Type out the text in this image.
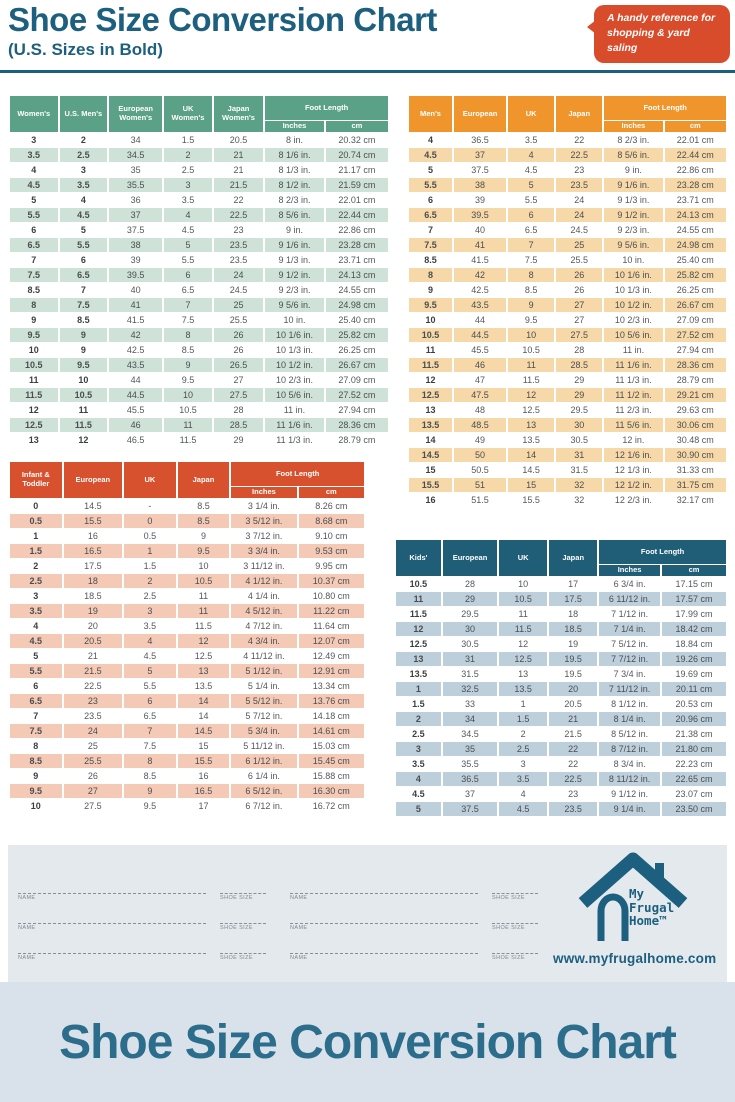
Shoe Size Conversion Chart
(U.S. Sizes in Bold)
A handy reference for shopping & yard saling
Women's	U.S. Men's	European Women's	UK Women's	Japan Women's	Foot Length	
					Inches	cm
3	2	34	1.5	20.5	8 in.	20.32 cm
3.5	2.5	34.5	2	21	8 1/6 in.	20.74 cm
4	3	35	2.5	21	8 1/3 in.	21.17 cm
4.5	3.5	35.5	3	21.5	8 1/2 in.	21.59 cm
5	4	36	3.5	22	8 2/3 in.	22.01 cm
5.5	4.5	37	4	22.5	8 5/6 in.	22.44 cm
6	5	37.5	4.5	23	9 in.	22.86 cm
6.5	5.5	38	5	23.5	9 1/6 in.	23.28 cm
7	6	39	5.5	23.5	9 1/3 in.	23.71 cm
7.5	6.5	39.5	6	24	9 1/2 in.	24.13 cm
8.5	7	40	6.5	24.5	9 2/3 in.	24.55 cm
8	7.5	41	7	25	9 5/6 in.	24.98 cm
9	8.5	41.5	7.5	25.5	10 in.	25.40 cm
9.5	9	42	8	26	10 1/6 in.	25.82 cm
10	9	42.5	8.5	26	10 1/3 in.	26.25 cm
10.5	9.5	43.5	9	26.5	10 1/2 in.	26.67 cm
11	10	44	9.5	27	10 2/3 in.	27.09 cm
11.5	10.5	44.5	10	27.5	10 5/6 in.	27.52 cm
12	11	45.5	10.5	28	11 in.	27.94 cm
12.5	11.5	46	11	28.5	11 1/6 in.	28.36 cm
13	12	46.5	11.5	29	11 1/3 in.	28.79 cm
Men's	European	UK	Japan	Foot Length	
				Inches	cm
4	36.5	3.5	22	8 2/3 in.	22.01 cm
4.5	37	4	22.5	8 5/6 in.	22.44 cm
5	37.5	4.5	23	9 in.	22.86 cm
5.5	38	5	23.5	9 1/6 in.	23.28 cm
6	39	5.5	24	9 1/3 in.	23.71 cm
6.5	39.5	6	24	9 1/2 in.	24.13 cm
7	40	6.5	24.5	9 2/3 in.	24.55 cm
7.5	41	7	25	9 5/6 in.	24.98 cm
8.5	41.5	7.5	25.5	10 in.	25.40 cm
8	42	8	26	10 1/6 in.	25.82 cm
9	42.5	8.5	26	10 1/3 in.	26.25 cm
9.5	43.5	9	27	10 1/2 in.	26.67 cm
10	44	9.5	27	10 2/3 in.	27.09 cm
10.5	44.5	10	27.5	10 5/6 in.	27.52 cm
11	45.5	10.5	28	11 in.	27.94 cm
11.5	46	11	28.5	11 1/6 in.	28.36 cm
12	47	11.5	29	11 1/3 in.	28.79 cm
12.5	47.5	12	29	11 1/2 in.	29.21 cm
13	48	12.5	29.5	11 2/3 in.	29.63 cm
13.5	48.5	13	30	11 5/6 in.	30.06 cm
14	49	13.5	30.5	12 in.	30.48 cm
14.5	50	14	31	12 1/6 in.	30.90 cm
15	50.5	14.5	31.5	12 1/3 in.	31.33 cm
15.5	51	15	32	12 1/2 in.	31.75 cm
16	51.5	15.5	32	12 2/3 in.	32.17 cm
Infant & Toddler	European	UK	Japan	Foot Length	
				Inches	cm
0	14.5	-	8.5	3 1/4 in.	8.26 cm
0.5	15.5	0	8.5	3 5/12 in.	8.68 cm
1	16	0.5	9	3 7/12 in.	9.10 cm
1.5	16.5	1	9.5	3 3/4 in.	9.53 cm
2	17.5	1.5	10	3 11/12 in.	9.95 cm
2.5	18	2	10.5	4 1/12 in.	10.37 cm
3	18.5	2.5	11	4 1/4 in.	10.80 cm
3.5	19	3	11	4 5/12 in.	11.22 cm
4	20	3.5	11.5	4 7/12 in.	11.64 cm
4.5	20.5	4	12	4 3/4 in.	12.07 cm
5	21	4.5	12.5	4 11/12 in.	12.49 cm
5.5	21.5	5	13	5 1/12 in.	12.91 cm
6	22.5	5.5	13.5	5 1/4 in.	13.34 cm
6.5	23	6	14	5 5/12 in.	13.76 cm
7	23.5	6.5	14	5 7/12 in.	14.18 cm
7.5	24	7	14.5	5 3/4 in.	14.61 cm
8	25	7.5	15	5 11/12 in.	15.03 cm
8.5	25.5	8	15.5	6 1/12 in.	15.45 cm
9	26	8.5	16	6 1/4 in.	15.88 cm
9.5	27	9	16.5	6 5/12 in.	16.30 cm
10	27.5	9.5	17	6 7/12 in.	16.72 cm
Kids'	European	UK	Japan	Foot Length	
				Inches	cm
10.5	28	10	17	6 3/4 in.	17.15 cm
11	29	10.5	17.5	6 11/12 in.	17.57 cm
11.5	29.5	11	18	7 1/12 in.	17.99 cm
12	30	11.5	18.5	7 1/4 in.	18.42 cm
12.5	30.5	12	19	7 5/12 in.	18.84 cm
13	31	12.5	19.5	7 7/12 in.	19.26 cm
13.5	31.5	13	19.5	7 3/4 in.	19.69 cm
1	32.5	13.5	20	7 11/12 in.	20.11 cm
1.5	33	1	20.5	8 1/12 in.	20.53 cm
2	34	1.5	21	8 1/4 in.	20.96 cm
2.5	34.5	2	21.5	8 5/12 in.	21.38 cm
3	35	2.5	22	8 7/12 in.	21.80 cm
3.5	35.5	3	22	8 3/4 in.	22.23 cm
4	36.5	3.5	22.5	8 11/12 in.	22.65 cm
4.5	37	4	23	9 1/12 in.	23.07 cm
5	37.5	4.5	23.5	9 1/4 in.	23.50 cm
NAME	SHOE SIZE
NAME	SHOE SIZE
NAME	SHOE SIZE
NAME	SHOE SIZE
NAME	SHOE SIZE
NAME	SHOE SIZE
My
Frugal
Home™
www.myfrugalhome.com
Shoe Size Conversion Chart
